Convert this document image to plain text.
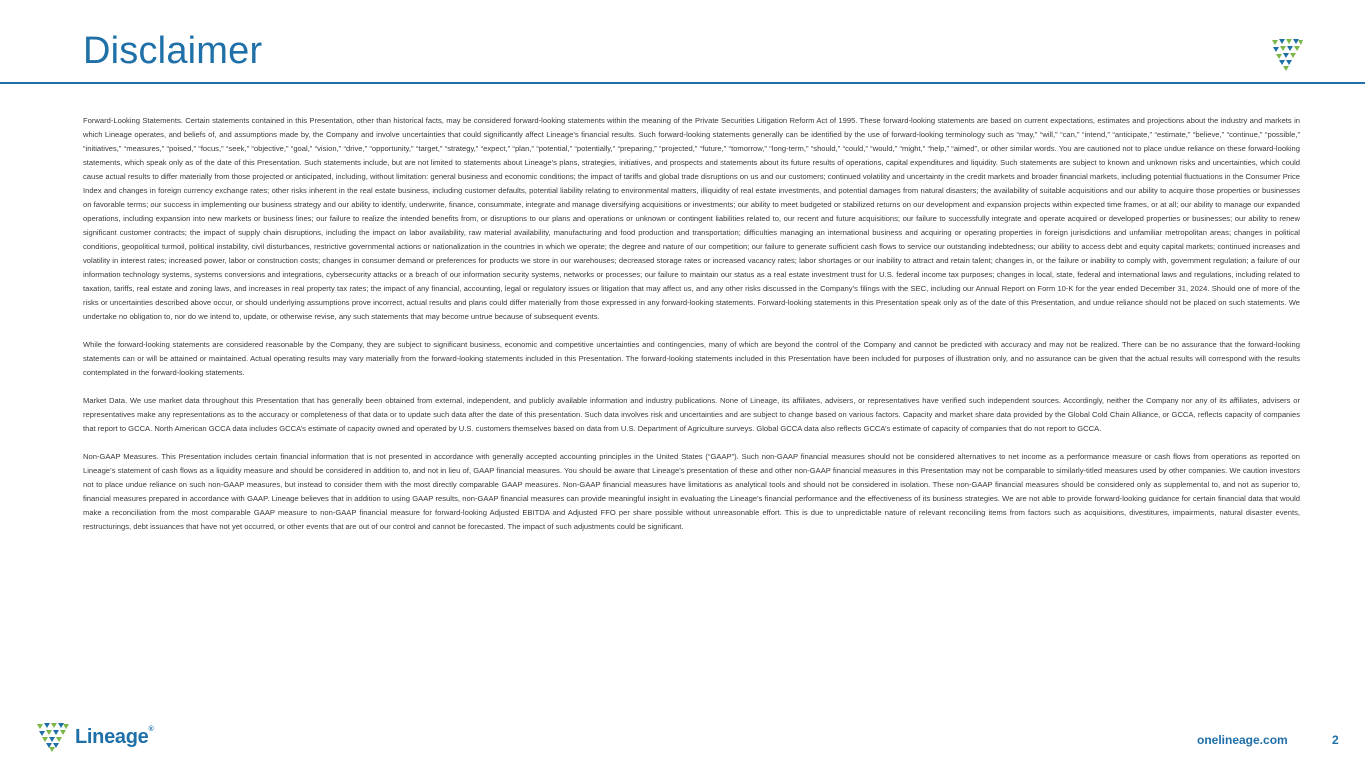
Disclaimer

Forward-Looking Statements. Certain statements contained in this Presentation, other than historical facts, may be considered forward-looking statements within the meaning of the Private Securities Litigation Reform Act of 1995. These forward-looking statements are based on current expectations, estimates and projections about the industry and markets in which Lineage operates, and beliefs of, and assumptions made by, the Company and involve uncertainties that could significantly affect Lineage’s financial results. Such forward-looking statements generally can be identified by the use of forward-looking terminology such as “may,” “will,” “can,” “intend,” “anticipate,” “estimate,” “believe,” “continue,” “possible,” “initiatives,” “measures,” “poised,” “focus,” “seek,” “objective,” “goal,” “vision,” “drive,” “opportunity,” “target,” “strategy,” “expect,” “plan,” “potential,” “potentially,” “preparing,” “projected,” “future,” “tomorrow,” “long-term,” “should,” “could,” “would,” “might,” “help,” “aimed”, or other similar words. You are cautioned not to place undue reliance on these forward-looking statements, which speak only as of the date of this Presentation. Such statements include, but are not limited to statements about Lineage’s plans, strategies, initiatives, and prospects and statements about its future results of operations, capital expenditures and liquidity. Such statements are subject to known and unknown risks and uncertainties, which could cause actual results to differ materially from those projected or anticipated, including, without limitation: general business and economic conditions; the impact of tariffs and global trade disruptions on us and our customers; continued volatility and uncertainty in the credit markets and broader financial markets, including potential fluctuations in the Consumer Price Index and changes in foreign currency exchange rates; other risks inherent in the real estate business, including customer defaults, potential liability relating to environmental matters, illiquidity of real estate investments, and potential damages from natural disasters; the availability of suitable acquisitions and our ability to acquire those properties or businesses on favorable terms; our success in implementing our business strategy and our ability to identify, underwrite, finance, consummate, integrate and manage diversifying acquisitions or investments; our ability to meet budgeted or stabilized returns on our development and expansion projects within expected time frames, or at all; our ability to manage our expanded operations, including expansion into new markets or business lines; our failure to realize the intended benefits from, or disruptions to our plans and operations or unknown or contingent liabilities related to, our recent and future acquisitions; our failure to successfully integrate and operate acquired or developed properties or businesses; our ability to renew significant customer contracts; the impact of supply chain disruptions, including the impact on labor availability, raw material availability, manufacturing and food production and transportation; difficulties managing an international business and acquiring or operating properties in foreign jurisdictions and unfamiliar metropolitan areas; changes in political conditions, geopolitical turmoil, political instability, civil disturbances, restrictive governmental actions or nationalization in the countries in which we operate; the degree and nature of our competition; our failure to generate sufficient cash flows to service our outstanding indebtedness; our ability to access debt and equity capital markets; continued increases and volatility in interest rates; increased power, labor or construction costs; changes in consumer demand or preferences for products we store in our warehouses; decreased storage rates or increased vacancy rates; labor shortages or our inability to attract and retain talent; changes in, or the failure or inability to comply with, government regulation; a failure of our information technology systems, systems conversions and integrations, cybersecurity attacks or a breach of our information security systems, networks or processes; our failure to maintain our status as a real estate investment trust for U.S. federal income tax purposes; changes in local, state, federal and international laws and regulations, including related to taxation, tariffs, real estate and zoning laws, and increases in real property tax rates; the impact of any financial, accounting, legal or regulatory issues or litigation that may affect us, and any other risks discussed in the Company’s filings with the SEC, including our Annual Report on Form 10-K for the year ended December 31, 2024. Should one of more of the risks or uncertainties described above occur, or should underlying assumptions prove incorrect, actual results and plans could differ materially from those expressed in any forward-looking statements. Forward-looking statements in this Presentation speak only as of the date of this Presentation, and undue reliance should not be placed on such statements. We undertake no obligation to, nor do we intend to, update, or otherwise revise, any such statements that may become untrue because of subsequent events.

While the forward-looking statements are considered reasonable by the Company, they are subject to significant business, economic and competitive uncertainties and contingencies, many of which are beyond the control of the Company and cannot be predicted with accuracy and may not be realized. There can be no assurance that the forward-looking statements can or will be attained or maintained. Actual operating results may vary materially from the forward-looking statements included in this Presentation. The forward-looking statements included in this Presentation have been included for purposes of illustration only, and no assurance can be given that the actual results will correspond with the results contemplated in the forward-looking statements.

Market Data. We use market data throughout this Presentation that has generally been obtained from external, independent, and publicly available information and industry publications. None of Lineage, its affiliates, advisers, or representatives have verified such independent sources. Accordingly, neither the Company nor any of its affiliates, advisers or representatives make any representations as to the accuracy or completeness of that data or to update such data after the date of this presentation. Such data involves risk and uncertainties and are subject to change based on various factors. Capacity and market share data provided by the Global Cold Chain Alliance, or GCCA, reflects capacity of companies that report to GCCA. North American GCCA data includes GCCA’s estimate of capacity owned and operated by U.S. customers themselves based on data from U.S. Department of Agriculture surveys. Global GCCA data also reflects GCCA’s estimate of capacity of companies that do not report to GCCA.

Non-GAAP Measures. This Presentation includes certain financial information that is not presented in accordance with generally accepted accounting principles in the United States (“GAAP”). Such non-GAAP financial measures should not be considered alternatives to net income as a performance measure or cash flows from operations as reported on Lineage’s statement of cash flows as a liquidity measure and should be considered in addition to, and not in lieu of, GAAP financial measures. You should be aware that Lineage’s presentation of these and other non-GAAP financial measures in this Presentation may not be comparable to similarly-titled measures used by other companies. We caution investors not to place undue reliance on such non-GAAP measures, but instead to consider them with the most directly comparable GAAP measures. Non-GAAP financial measures have limitations as analytical tools and should not be considered in isolation. These non-GAAP financial measures should be considered only as supplemental to, and not as superior to, financial measures prepared in accordance with GAAP. Lineage believes that in addition to using GAAP results, non-GAAP financial measures can provide meaningful insight in evaluating the Lineage’s financial performance and the effectiveness of its business strategies. We are not able to provide forward-looking guidance for certain financial data that would make a reconciliation from the most comparable GAAP measure to non-GAAP financial measure for forward-looking Adjusted EBITDA and Adjusted FFO per share possible without unreasonable effort. This is due to unpredictable nature of relevant reconciling items from factors such as acquisitions, divestitures, impairments, natural disaster events, restructurings, debt issuances that have not yet occurred, or other events that are out of our control and cannot be forecasted. The impact of such adjustments could be significant.

Lineage®
onelineage.com	2
